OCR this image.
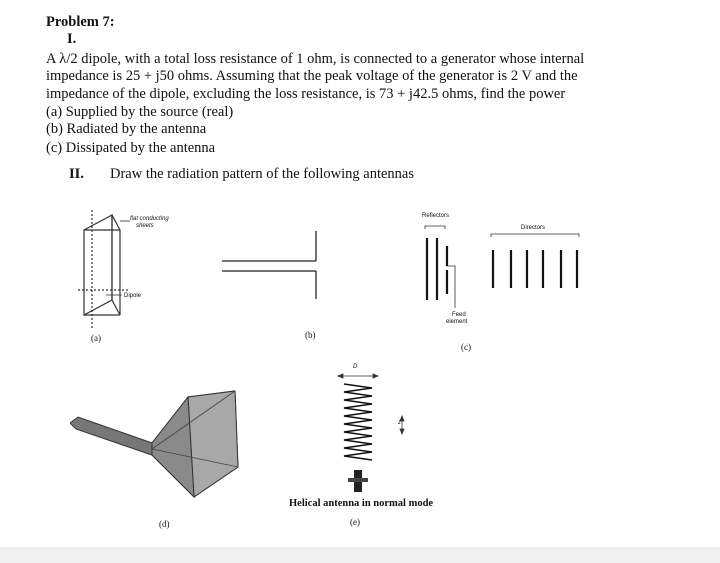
Problem 7:
I.
A λ/2 dipole, with a total loss resistance of 1 ohm, is connected to a generator whose internal
impedance is 25 + j50 ohms. Assuming that the peak voltage of the generator is 2 V and the
impedance of the dipole, excluding the loss resistance, is 73 + j42.5 ohms, find the power
(a) Supplied by the source (real)
(b) Radiated by the antenna
(c) Dissipated by the antenna
II. Draw the radiation pattern of the following antennas
flat conducting
sheets
Dipole
(a)	(b)
Reflectors
Directors
Feed
element
(c)
(d)
D
z
Helical antenna in normal mode
(e)
